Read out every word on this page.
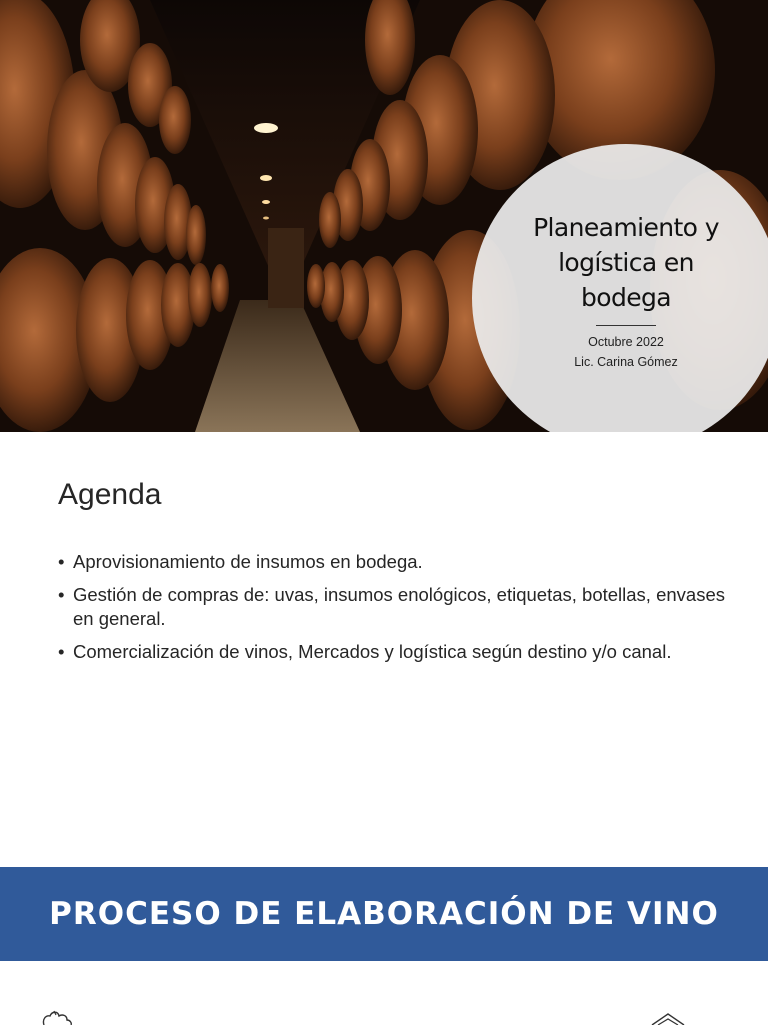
Planeamiento y logística en bodega

Octubre 2022
Lic. Carina Gómez
Agenda
• Aprovisionamiento de insumos en bodega.
• Gestión de compras de: uvas, insumos enológicos, etiquetas, botellas, envases en general.
• Comercialización de vinos, Mercados y logística según destino y/o canal.
PROCESO DE ELABORACIÓN DE VINO
